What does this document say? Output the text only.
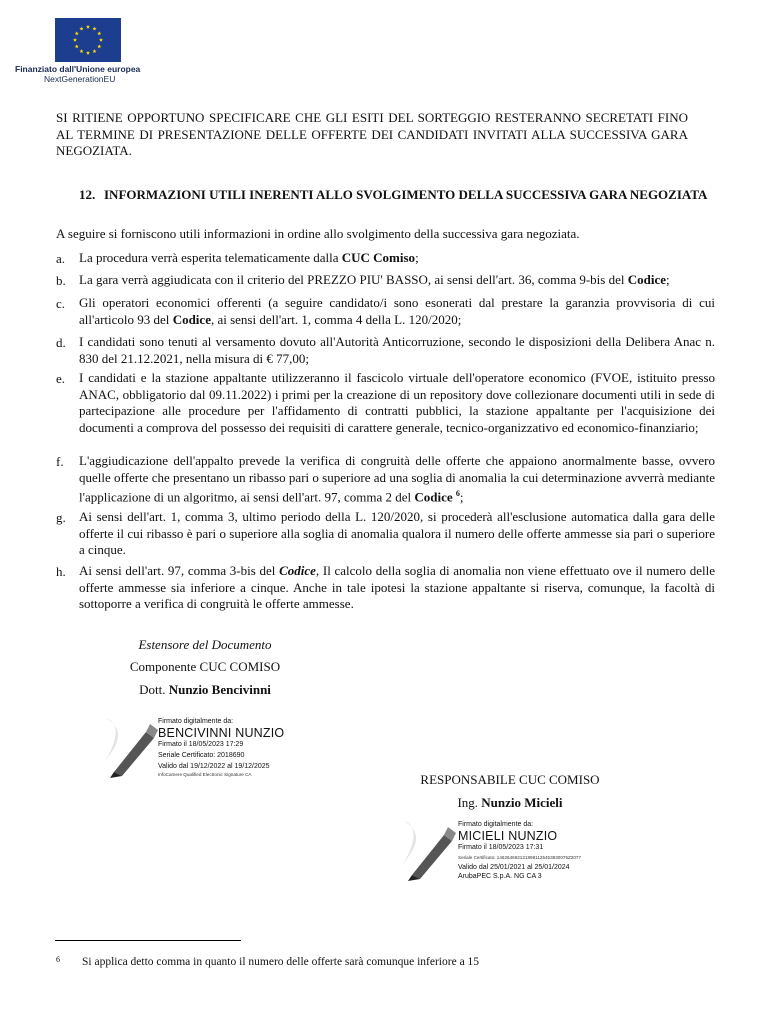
Finanziato dall'Unione europea
NextGenerationEU
SI RITIENE OPPORTUNO SPECIFICARE CHE GLI ESITI DEL SORTEGGIO RESTERANNO SECRETATI FINO AL TERMINE DI PRESENTAZIONE DELLE OFFERTE DEI CANDIDATI INVITATI ALLA SUCCESSIVA GARA NEGOZIATA.
12. INFORMAZIONI UTILI INERENTI ALLO SVOLGIMENTO DELLA SUCCESSIVA GARA NEGOZIATA
A seguire si forniscono utili informazioni in ordine allo svolgimento della successiva gara negoziata.
a. La procedura verrà esperita telematicamente dalla CUC Comiso;
b. La gara verrà aggiudicata con il criterio del PREZZO PIU' BASSO, ai sensi dell'art. 36, comma 9-bis del Codice;
c. Gli operatori economici offerenti (a seguire candidato/i sono esonerati dal prestare la garanzia provvisoria di cui all'articolo 93 del Codice, ai sensi dell'art. 1, comma 4 della L. 120/2020;
d. I candidati sono tenuti al versamento dovuto all'Autorità Anticorruzione, secondo le disposizioni della Delibera Anac n. 830 del 21.12.2021, nella misura di € 77,00;
e. I candidati e la stazione appaltante utilizzeranno il fascicolo virtuale dell'operatore economico (FVOE, istituito presso ANAC, obbligatorio dal 09.11.2022) i primi per la creazione di un repository dove collezionare documenti utili in sede di partecipazione alle procedure per l'affidamento di contratti pubblici, la stazione appaltante per l'acquisizione dei documenti a comprova del possesso dei requisiti di carattere generale, tecnico-organizzativo ed economico-finanziario;
f. L'aggiudicazione dell'appalto prevede la verifica di congruità delle offerte che appaiono anormalmente basse, ovvero quelle offerte che presentano un ribasso pari o superiore ad una soglia di anomalia la cui determinazione avverrà mediante l'applicazione di un algoritmo, ai sensi dell'art. 97, comma 2 del Codice $^6$;
g. Ai sensi dell'art. 1, comma 3, ultimo periodo della L. 120/2020, si procederà all'esclusione automatica dalla gara delle offerte il cui ribasso è pari o superiore alla soglia di anomalia qualora il numero delle offerte ammesse sia pari o superiore a cinque.
h. Ai sensi dell'art. 97, comma 3-bis del Codice, Il calcolo della soglia di anomalia non viene effettuato ove il numero delle offerte ammesse sia inferiore a cinque. Anche in tale ipotesi la stazione appaltante si riserva, comunque, la facoltà di sottoporre a verifica di congruità le offerte ammesse.
Estensore del Documento
Componente CUC COMISO
Dott. Nunzio Bencivinni
Firmato digitalmente da:
BENCIVINNI NUNZIO
Firmato il 18/05/2023 17:29
Seriale Certificato: 2018690
Valido dal 19/12/2022 al 19/12/2025
InfoCamere Qualified Electronic Signature CA	RESPONSABILE CUC COMISO
Ing. Nunzio Micieli
Firmato digitalmente da:
MICIELI NUNZIO
Firmato il 18/05/2023 17:31
Seriale Certificato: 1462646621218981125453830075Z2077
Valido dal 25/01/2021 al 25/01/2024
ArubaPEC S.p.A. NG CA 3
6 Si applica detto comma in quanto il numero delle offerte sarà comunque inferiore a 15
